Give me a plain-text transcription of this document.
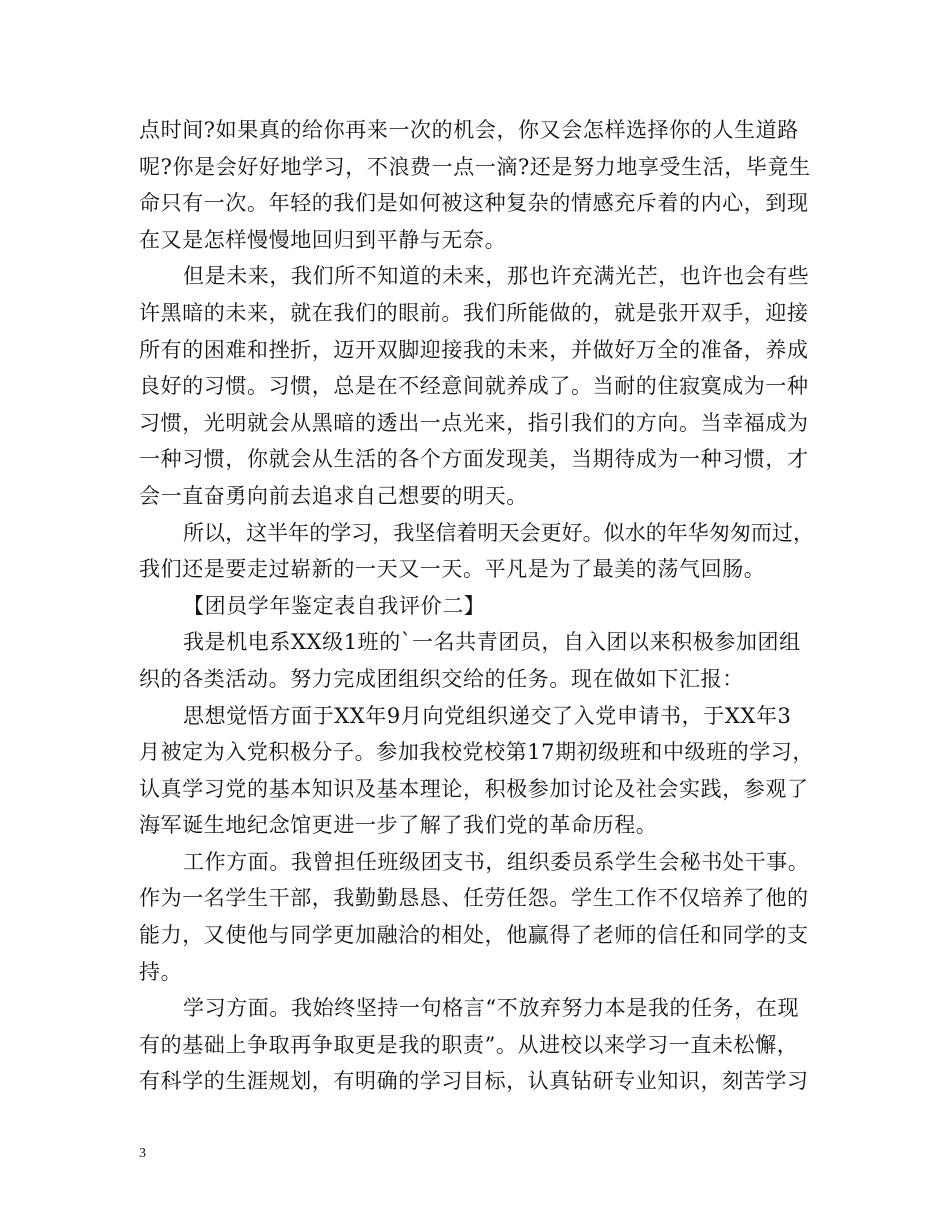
点时间?如果真的给你再来一次的机会，你又会怎样选择你的人生道路
呢?你是会好好地学习，不浪费一点一滴?还是努力地享受生活，毕竟生
命只有一次。年轻的我们是如何被这种复杂的情感充斥着的内心，到现
在又是怎样慢慢地回归到平静与无奈。
但是未来，我们所不知道的未来，那也许充满光芒，也许也会有些
许黑暗的未来，就在我们的眼前。我们所能做的，就是张开双手，迎接
所有的困难和挫折，迈开双脚迎接我的未来，并做好万全的准备，养成
良好的习惯。习惯，总是在不经意间就养成了。当耐的住寂寞成为一种
习惯，光明就会从黑暗的透出一点光来，指引我们的方向。当幸福成为
一种习惯，你就会从生活的各个方面发现美，当期待成为一种习惯，才
会一直奋勇向前去追求自己想要的明天。
所以，这半年的学习，我坚信着明天会更好。似水的年华匆匆而过，
我们还是要走过崭新的一天又一天。平凡是为了最美的荡气回肠。
【团员学年鉴定表自我评价二】
我是机电系XX级1班的`一名共青团员，自入团以来积极参加团组
织的各类活动。努力完成团组织交给的任务。现在做如下汇报：
思想觉悟方面于XX年9月向党组织递交了入党申请书，于XX年3
月被定为入党积极分子。参加我校党校第17期初级班和中级班的学习，
认真学习党的基本知识及基本理论，积极参加讨论及社会实践，参观了
海军诞生地纪念馆更进一步了解了我们党的革命历程。
工作方面。我曾担任班级团支书，组织委员系学生会秘书处干事。
作为一名学生干部，我勤勤恳恳、任劳任怨。学生工作不仅培养了他的
能力，又使他与同学更加融洽的相处，他赢得了老师的信任和同学的支
持。
学习方面。我始终坚持一句格言“不放弃努力本是我的任务，在现
有的基础上争取再争取更是我的职责”。从进校以来学习一直未松懈，
有科学的生涯规划，有明确的学习目标，认真钻研专业知识，刻苦学习
3
